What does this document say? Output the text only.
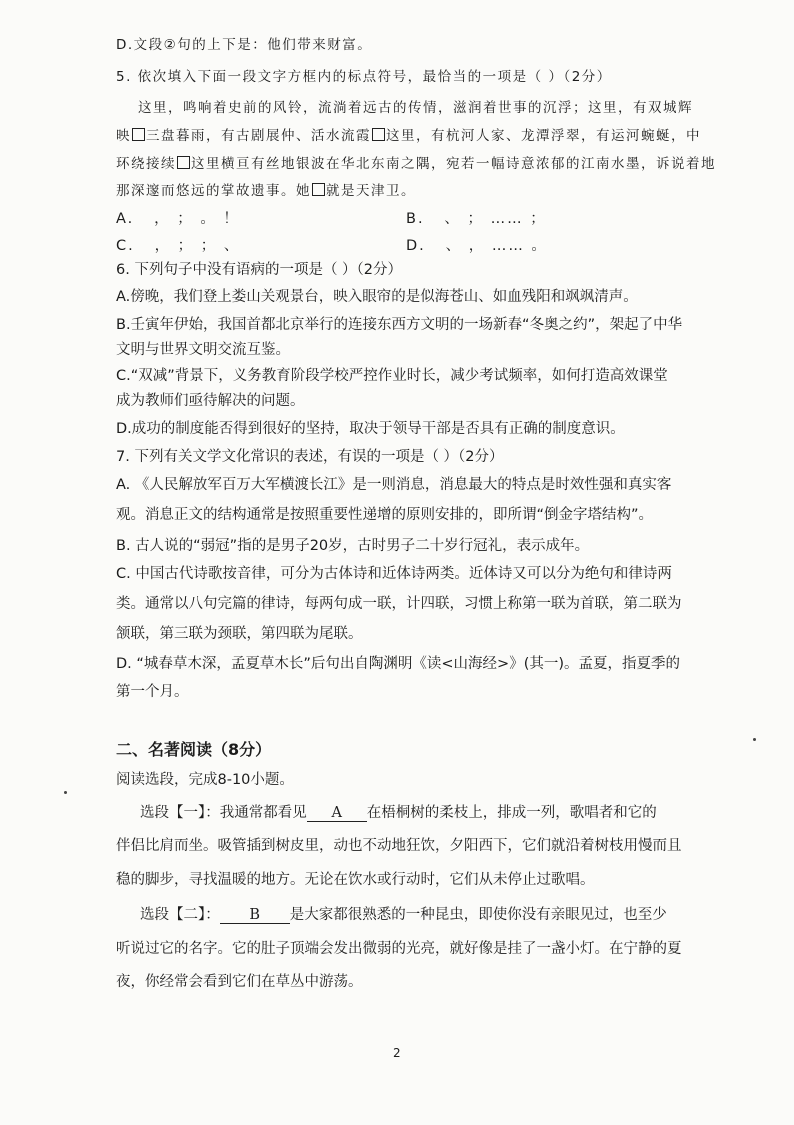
D.文段②句的上下是：他们带来财富。
5. 依次填入下面一段文字方框内的标点符号，最恰当的一项是（ ）（2分）
这里，鸣响着史前的风铃，流淌着远古的传情，滋润着世事的沉浮；这里，有双城辉
映 三盘暮雨，有古剧展仲、活水流霞 这里，有杭河人家、龙潭浮翠，有运河蜿蜒，中
环绕接续 这里横亘有丝地银波在华北东南之隅，宛若一幅诗意浓郁的江南水墨，诉说着地
那深邃而悠远的掌故遗事。她 就是天津卫。
A. ， ； 。 ！	B. 、 ； …… ；
C. ， ； ； 、	D. 、 ， …… 。
6. 下列句子中没有语病的一项是（ ）（2分）
A.傍晚，我们登上娄山关观景台，映入眼帘的是似海苍山、如血残阳和飒飒清声。
B.壬寅年伊始，我国首都北京举行的连接东西方文明的一场新春“冬奥之约”，架起了中华
文明与世界文明交流互鉴。
C.“双减”背景下，义务教育阶段学校严控作业时长，减少考试频率，如何打造高效课堂
成为教师们亟待解决的问题。
D.成功的制度能否得到很好的坚持，取决于领导干部是否具有正确的制度意识。
7. 下列有关文学文化常识的表述，有误的一项是（ ）（2分）
A. 《人民解放军百万大军横渡长江》是一则消息，消息最大的特点是时效性强和真实客
观。消息正文的结构通常是按照重要性递增的原则安排的，即所谓“倒金字塔结构”。
B. 古人说的“弱冠”指的是男子20岁，古时男子二十岁行冠礼，表示成年。
C. 中国古代诗歌按音律，可分为古体诗和近体诗两类。近体诗又可以分为绝句和律诗两
类。通常以八句完篇的律诗，每两句成一联，计四联，习惯上称第一联为首联，第二联为
颔联，第三联为颈联，第四联为尾联。
D. “城春草木深，孟夏草木长”后句出自陶渊明《读<山海经>》(其一)。孟夏，指夏季的
第一个月。
二、名著阅读（8分）
阅读选段，完成8-10小题。
选段【一】：我通常都看见 A 在梧桐树的柔枝上，排成一列，歌唱者和它的
伴侣比肩而坐。吸管插到树皮里，动也不动地狂饮，夕阳西下，它们就沿着树枝用慢而且
稳的脚步，寻找温暖的地方。无论在饮水或行动时，它们从未停止过歌唱。
选段【二】： B 是大家都很熟悉的一种昆虫，即使你没有亲眼见过，也至少
听说过它的名字。它的肚子顶端会发出微弱的光亮，就好像是挂了一盏小灯。在宁静的夏
夜，你经常会看到它们在草丛中游荡。
2
